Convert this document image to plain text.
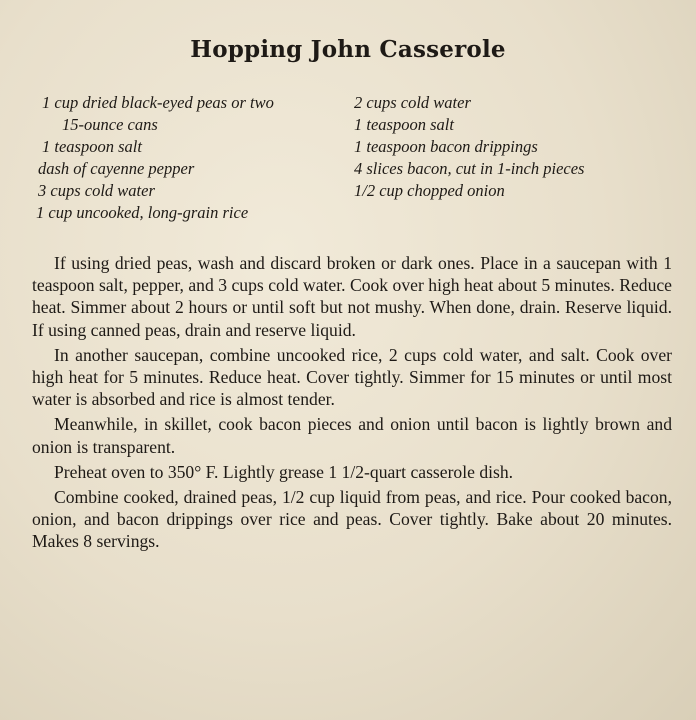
Hopping John Casserole
1 cup dried black-eyed peas or two
15-ounce cans
1 teaspoon salt
dash of cayenne pepper
3 cups cold water
1 cup uncooked, long-grain rice
2 cups cold water
1 teaspoon salt
1 teaspoon bacon drippings
4 slices bacon, cut in 1-inch pieces
1/2 cup chopped onion

If using dried peas, wash and discard broken or dark ones. Place in a saucepan with 1 teaspoon salt, pepper, and 3 cups cold water. Cook over high heat about 5 minutes. Reduce heat. Simmer about 2 hours or until soft but not mushy. When done, drain. Reserve liquid. If using canned peas, drain and reserve liquid.

In another saucepan, combine uncooked rice, 2 cups cold water, and salt. Cook over high heat for 5 minutes. Reduce heat. Cover tightly. Simmer for 15 minutes or until most water is absorbed and rice is almost tender.

Meanwhile, in skillet, cook bacon pieces and onion until bacon is lightly brown and onion is transparent.

Preheat oven to 350° F. Lightly grease 1 1/2-quart casserole dish.

Combine cooked, drained peas, 1/2 cup liquid from peas, and rice. Pour cooked bacon, onion, and bacon drippings over rice and peas. Cover tightly. Bake about 20 minutes. Makes 8 servings.
